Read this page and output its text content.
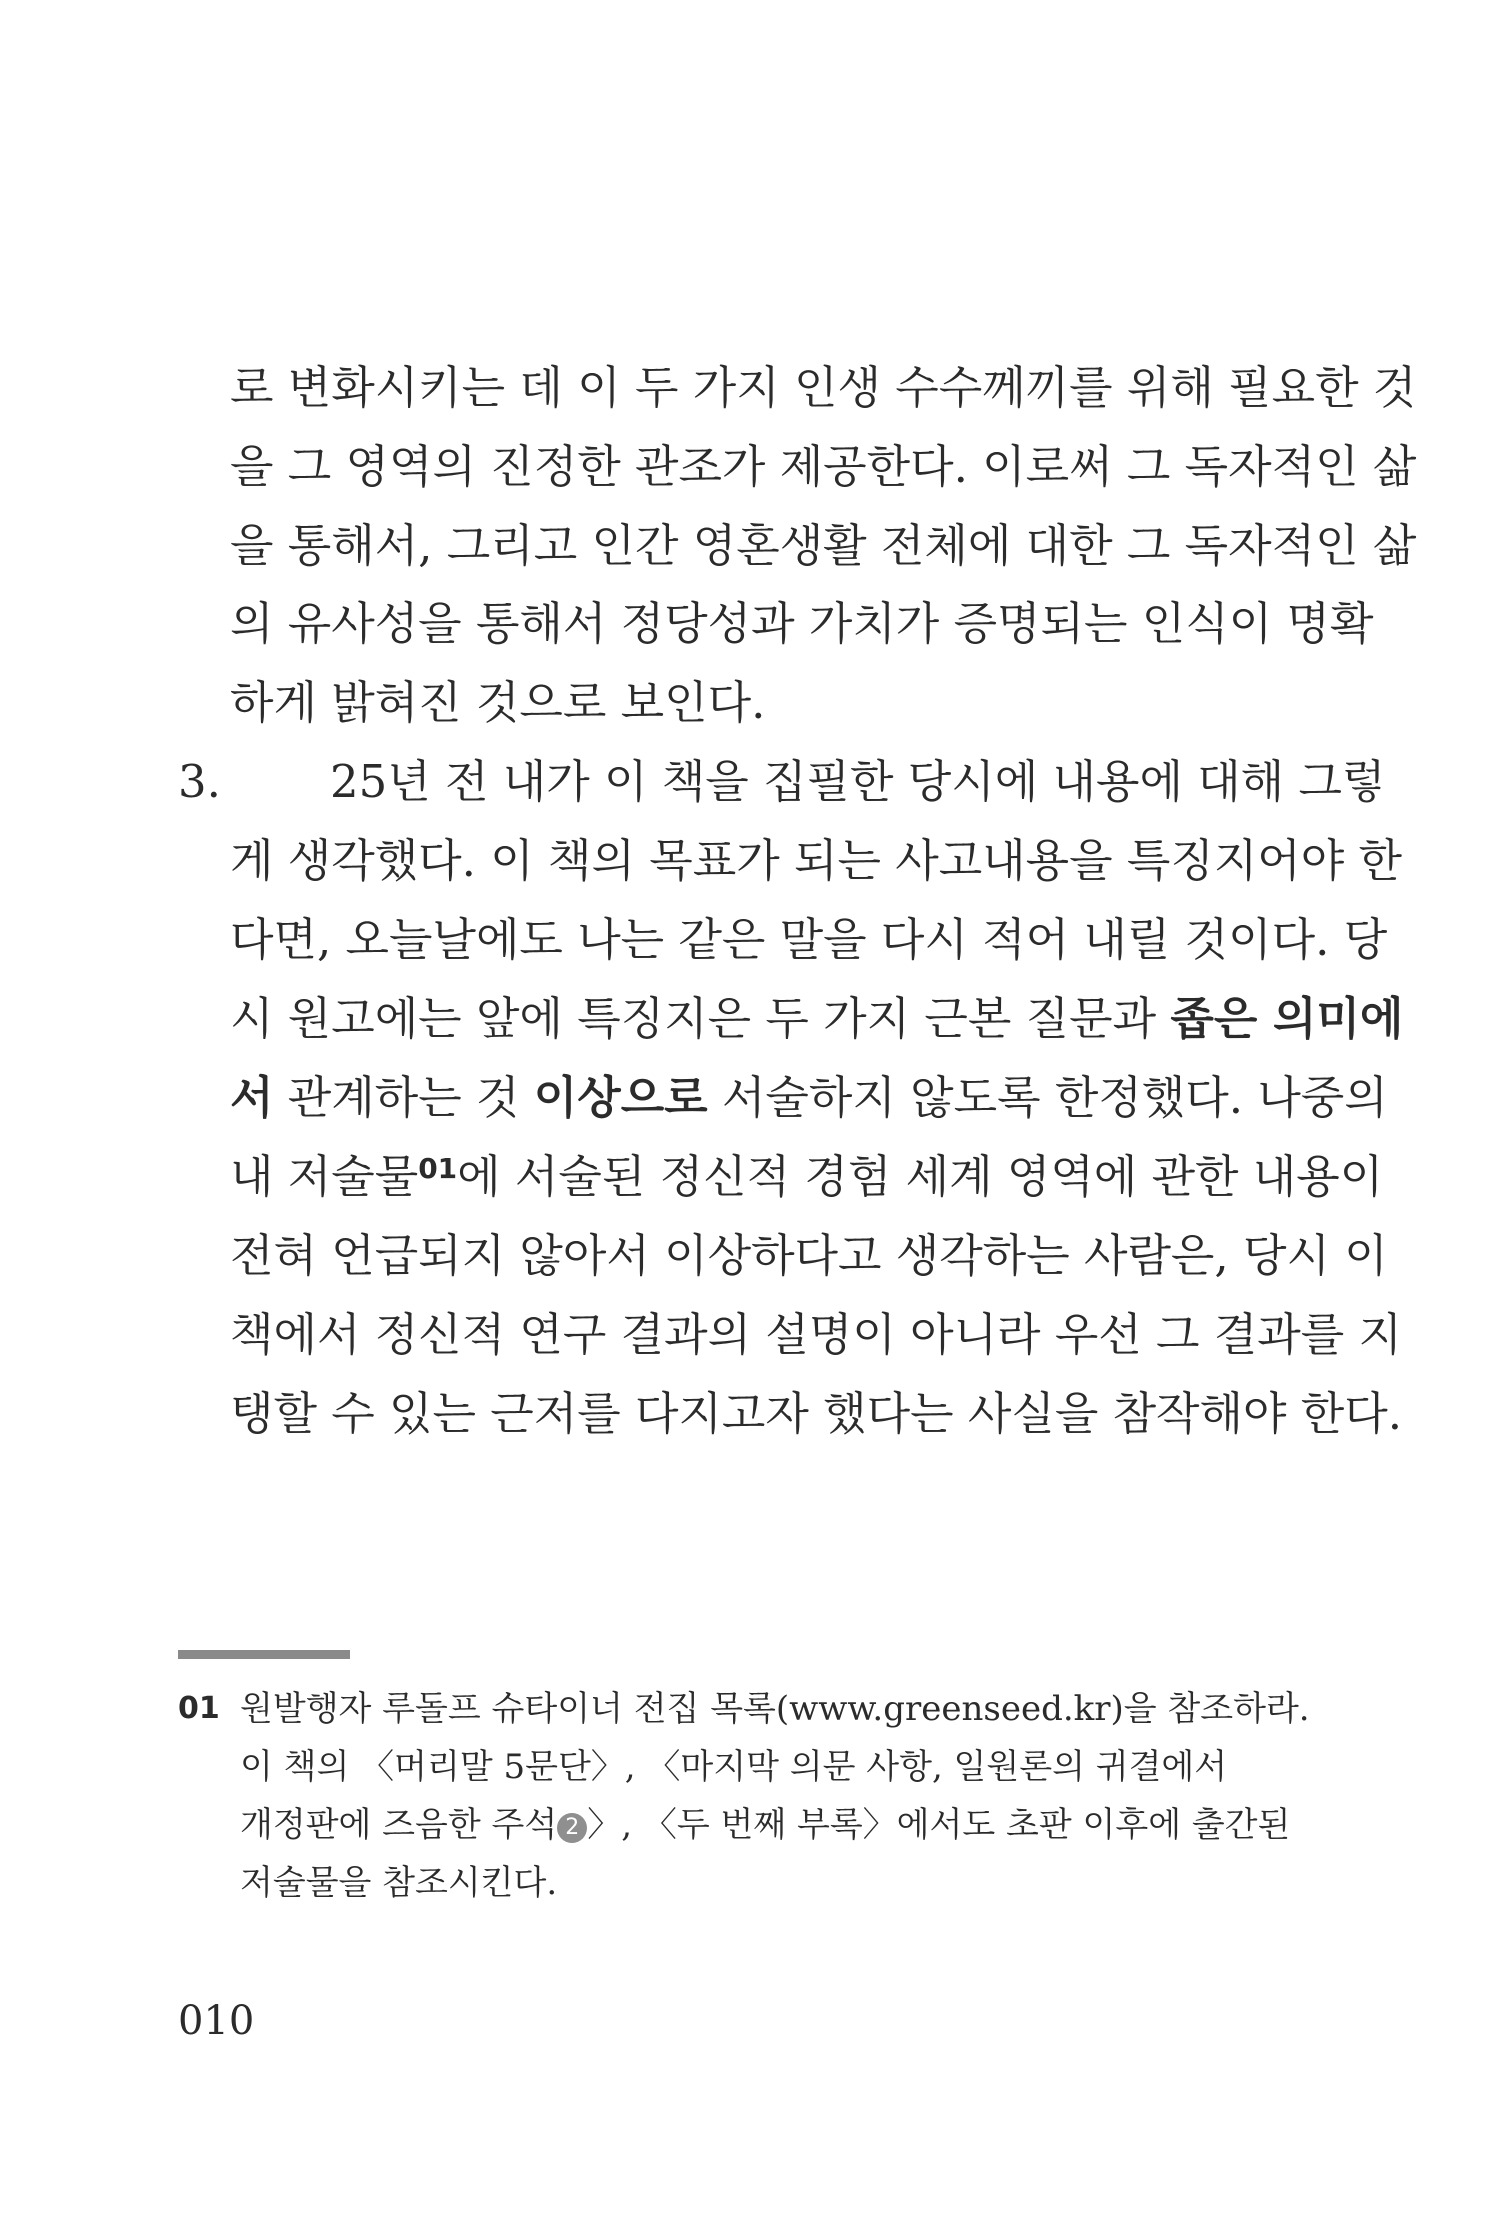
로 변화시키는 데 이 두 가지 인생 수수께끼를 위해 필요한 것
을 그 영역의 진정한 관조가 제공한다. 이로써 그 독자적인 삶
을 통해서, 그리고 인간 영혼생활 전체에 대한 그 독자적인 삶
의 유사성을 통해서 정당성과 가치가 증명되는 인식이 명확
하게 밝혀진 것으로 보인다.
3.	25년 전 내가 이 책을 집필한 당시에 내용에 대해 그렇
게 생각했다. 이 책의 목표가 되는 사고내용을 특징지어야 한
다면, 오늘날에도 나는 같은 말을 다시 적어 내릴 것이다. 당
시 원고에는 앞에 특징지은 두 가지 근본 질문과 좁은 의미에
서 관계하는 것 이상으로 서술하지 않도록 한정했다. 나중의
내 저술물$^{01}$에 서술된 정신적 경험 세계 영역에 관한 내용이
전혀 언급되지 않아서 이상하다고 생각하는 사람은, 당시 이
책에서 정신적 연구 결과의 설명이 아니라 우선 그 결과를 지
탱할 수 있는 근저를 다지고자 했다는 사실을 참작해야 한다.
01 원발행자 루돌프 슈타이너 전집 목록(www.greenseed.kr)을 참조하라.
이 책의 〈머리말 5문단〉, 〈마지막 의문 사항, 일원론의 귀결에서
개정판에 즈음한 주석 2 〉, 〈두 번째 부록〉에서도 초판 이후에 출간된
저술물을 참조시킨다.
010
